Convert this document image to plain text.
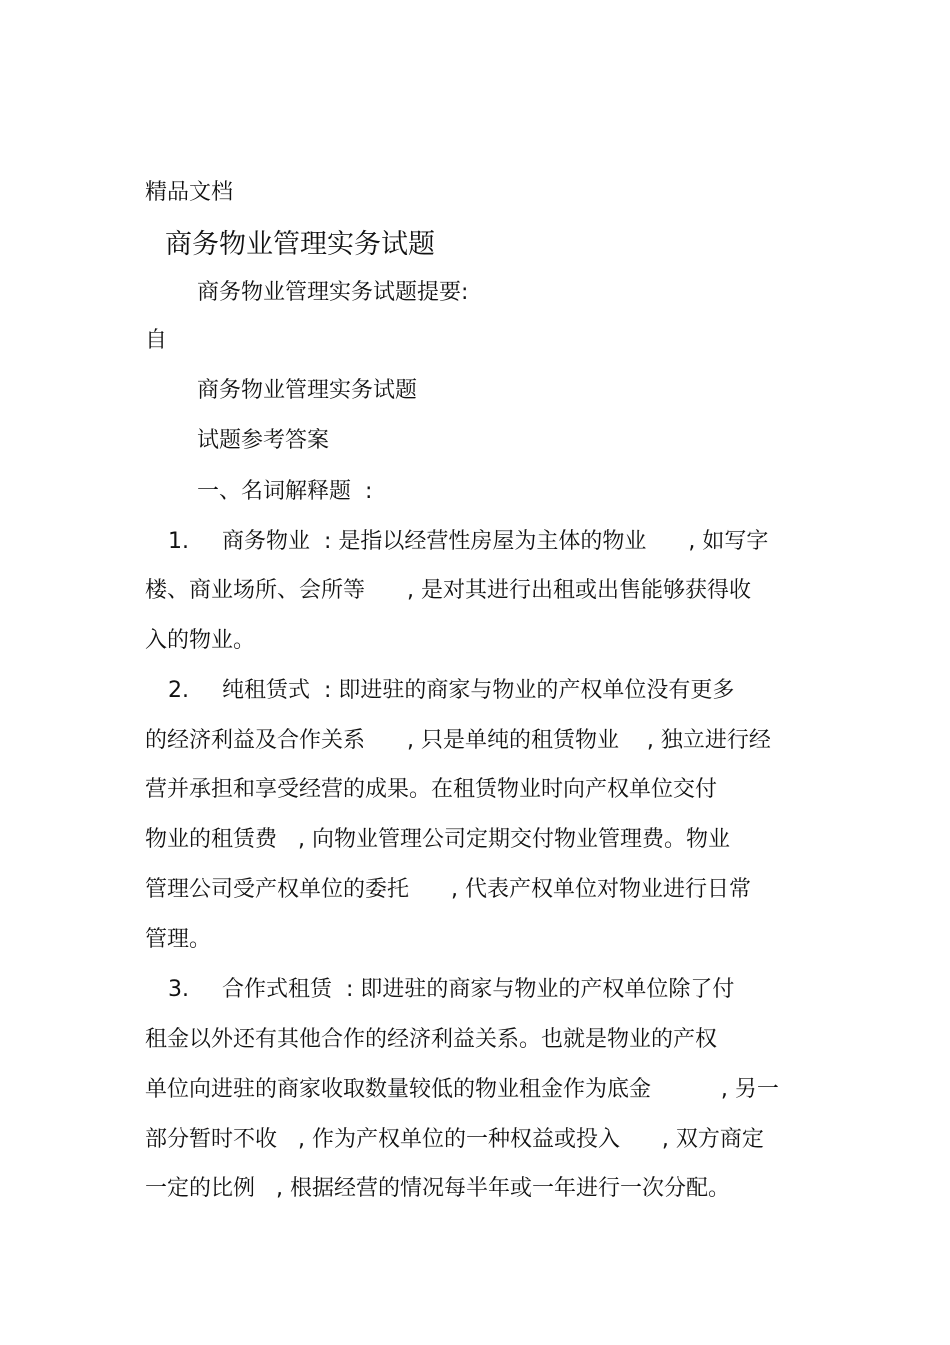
精品文档
商务物业管理实务试题
商务物业管理实务试题提要:
自
商务物业管理实务试题
试题参考答案
一、名词解释题  :
1. 商务物业  : 是指以经营性房屋为主体的物业      , 如写字
楼、商业场所、会所等      , 是对其进行出租或出售能够获得收
入的物业。
2. 纯租赁式  : 即进驻的商家与物业的产权单位没有更多
的经济利益及合作关系      , 只是单纯的租赁物业    , 独立进行经
营并承担和享受经营的成果。在租赁物业时向产权单位交付
物业的租赁费   , 向物业管理公司定期交付物业管理费。物业
管理公司受产权单位的委托      , 代表产权单位对物业进行日常
管理。
3. 合作式租赁  : 即进驻的商家与物业的产权单位除了付
租金以外还有其他合作的经济利益关系。也就是物业的产权
单位向进驻的商家收取数量较低的物业租金作为底金          , 另一
部分暂时不收   , 作为产权单位的一种权益或投入      , 双方商定
一定的比例   , 根据经营的情况每半年或一年进行一次分配。
